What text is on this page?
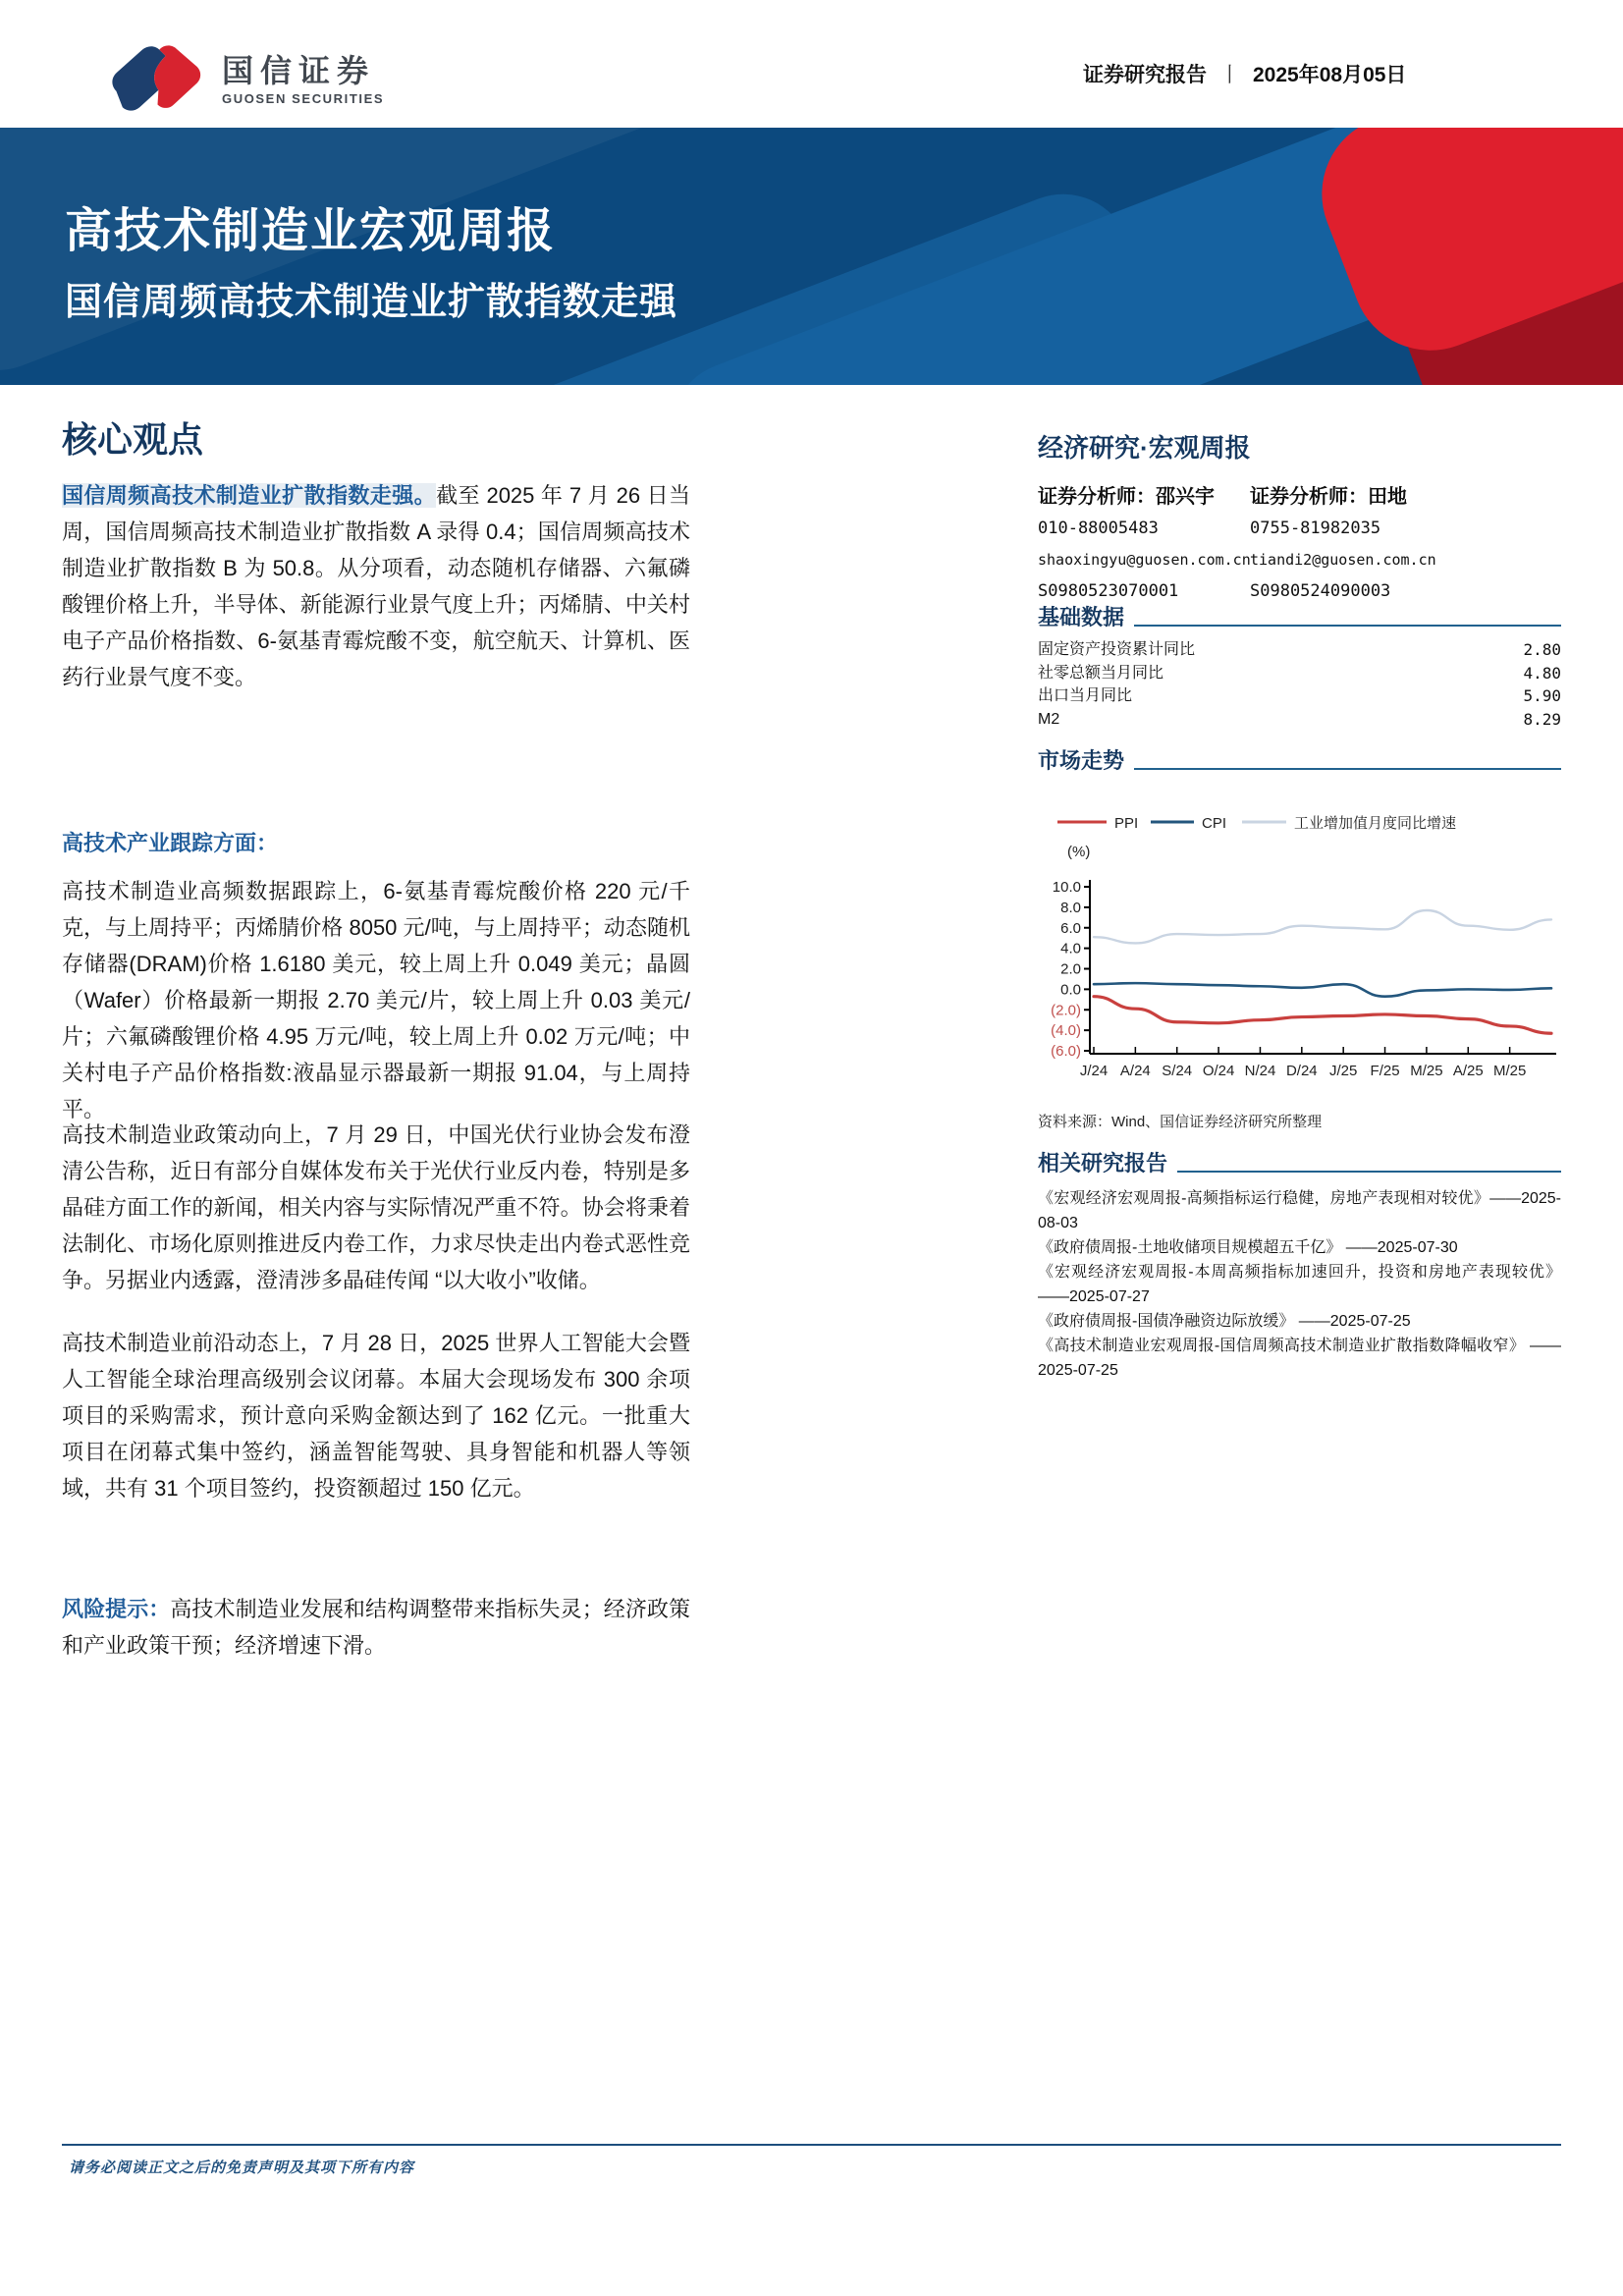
国信证券
GUOSEN SECURITIES
证券研究报告 丨 2025年08月05日
高技术制造业宏观周报
国信周频高技术制造业扩散指数走强
核心观点
国信周频高技术制造业扩散指数走强。截至 2025 年 7 月 26 日当周，国信周频高技术制造业扩散指数 A 录得 0.4；国信周频高技术制造业扩散指数 B 为 50.8。从分项看，动态随机存储器、六氟磷酸锂价格上升，半导体、新能源行业景气度上升；丙烯腈、中关村电子产品价格指数、6-氨基青霉烷酸不变，航空航天、计算机、医药行业景气度不变。
高技术产业跟踪方面：
高技术制造业高频数据跟踪上，6-氨基青霉烷酸价格 220 元/千克，与上周持平；丙烯腈价格 8050 元/吨，与上周持平；动态随机存储器(DRAM)价格 1.6180 美元，较上周上升 0.049 美元；晶圆（Wafer）价格最新一期报 2.70 美元/片，较上周上升 0.03 美元/片；六氟磷酸锂价格 4.95 万元/吨，较上周上升 0.02 万元/吨；中关村电子产品价格指数:液晶显示器最新一期报 91.04，与上周持平。
高技术制造业政策动向上，7 月 29 日，中国光伏行业协会发布澄清公告称，近日有部分自媒体发布关于光伏行业反内卷，特别是多晶硅方面工作的新闻，相关内容与实际情况严重不符。协会将秉着法制化、市场化原则推进反内卷工作，力求尽快走出内卷式恶性竞争。另据业内透露，澄清涉多晶硅传闻 “以大收小”收储。
高技术制造业前沿动态上，7 月 28 日，2025 世界人工智能大会暨人工智能全球治理高级别会议闭幕。本届大会现场发布 300 余项项目的采购需求，预计意向采购金额达到了 162 亿元。一批重大项目在闭幕式集中签约，涵盖智能驾驶、具身智能和机器人等领域，共有 31 个项目签约，投资额超过 150 亿元。
风险提示：高技术制造业发展和结构调整带来指标失灵；经济政策和产业政策干预；经济增速下滑。
经济研究·宏观周报
证券分析师：邵兴宇
010-88005483
shaoxingyu@guosen.com.cn
S0980523070001
证券分析师：田地
0755-81982035
tiandi2@guosen.com.cn
S0980524090003
基础数据
固定资产投资累计同比	2.80
社零总额当月同比	4.80
出口当月同比	5.90
M2	8.29
市场走势
PPI	CPI	工业增加值月度同比增速
(%)
10.0
8.0
6.0
4.0
2.0
0.0
(2.0)
(4.0)
(6.0)
J/24 A/24 S/24 O/24 N/24 D/24 J/25 F/25 M/25 A/25 M/25
资料来源：Wind、国信证券经济研究所整理
相关研究报告
《宏观经济宏观周报-高频指标运行稳健，房地产表现相对较优》——2025-08-03
《政府债周报-土地收储项目规模超五千亿》 ——2025-07-30
《宏观经济宏观周报-本周高频指标加速回升，投资和房地产表现较优》 ——2025-07-27
《政府债周报-国债净融资边际放缓》 ——2025-07-25
《高技术制造业宏观周报-国信周频高技术制造业扩散指数降幅收窄》 ——2025-07-25
请务必阅读正文之后的免责声明及其项下所有内容
